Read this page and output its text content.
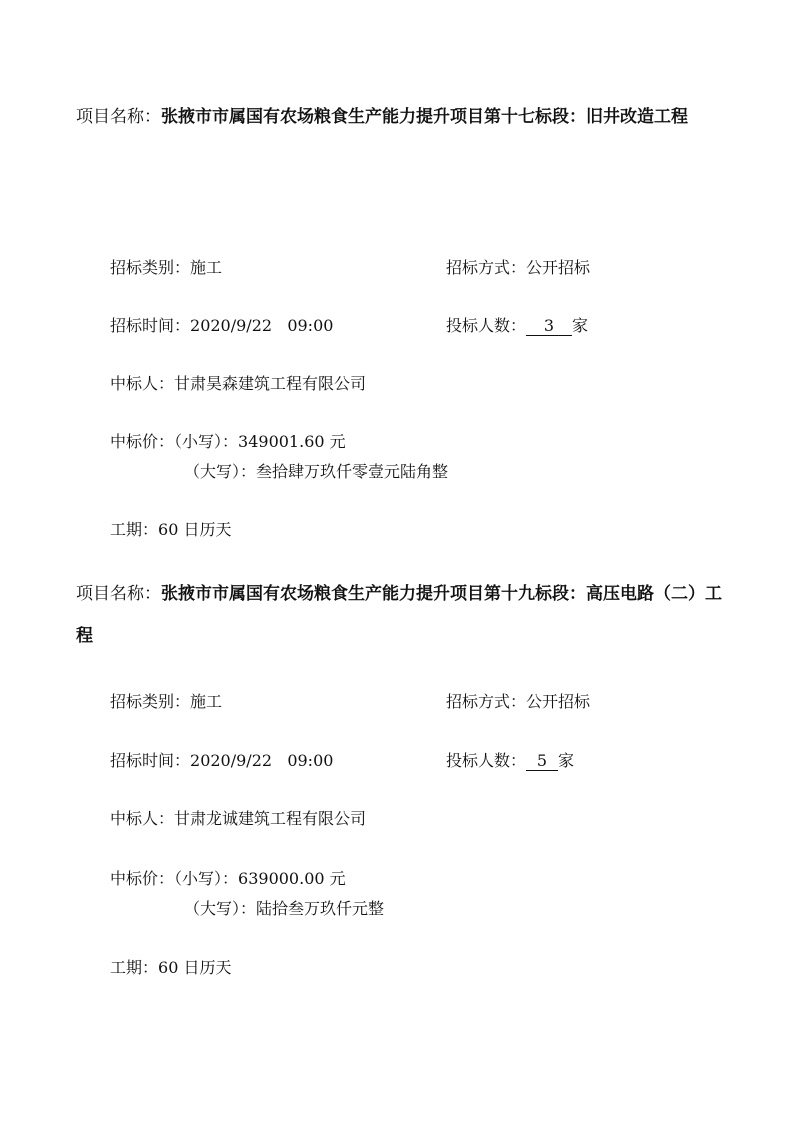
项目名称：张掖市市属国有农场粮食生产能力提升项目第十七标段：旧井改造工程
招标类别：施工	招标方式：公开招标
招标时间：2020/9/22   09:00	投标人数： 3 家
中标人：甘肃昊森建筑工程有限公司
中标价：（小写）：349001.60 元
（大写）：叁拾肆万玖仟零壹元陆角整
工期：60 日历天
项目名称：张掖市市属国有农场粮食生产能力提升项目第十九标段：高压电路（二）工程
招标类别：施工	招标方式：公开招标
招标时间：2020/9/22   09:00	投标人数： 5 家
中标人：甘肃龙诚建筑工程有限公司
中标价：（小写）：639000.00 元
（大写）：陆拾叁万玖仟元整
工期：60 日历天
